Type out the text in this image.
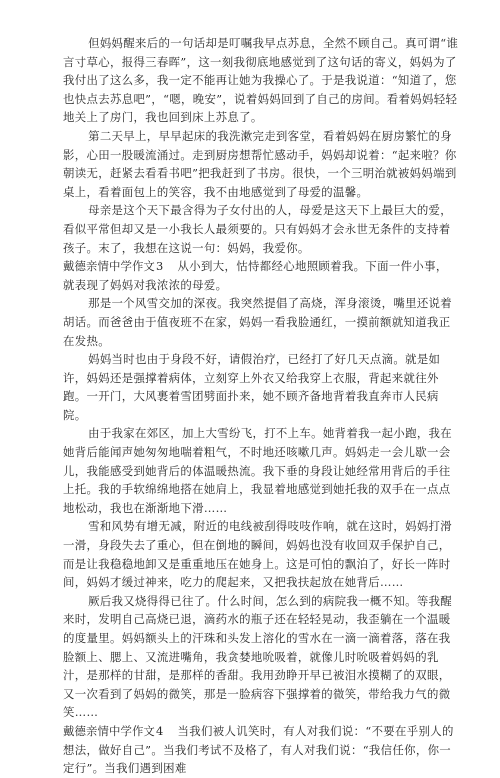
但妈妈醒来后的一句话却是叮嘱我早点苏息，全然不顾自己。真可谓“谁言寸草心，报得三春晖”，这一刻我彻底地感觉到了这句话的寄义，妈妈为了我付出了这么多，我一定不能再让她为我操心了。于是我说道：“知道了，您也快点去苏息吧”，“嗯，晚安”，说着妈妈回到了自己的房间。看着妈妈轻轻地关上了房门，我也回到床上苏息了。

第二天早上，早早起床的我洗漱完走到客堂，看着妈妈在厨房繁忙的身影，心田一股暖流涌过。走到厨房想帮忙感动手，妈妈却说着：“起来啦？你朝读无，赶紧去看看书吧”把我赶到了书房。很快，一个三明治就被妈妈端到桌上，看着面包上的笑容，我不由地感觉到了母爱的温馨。

母亲是这个天下最含得为子女付出的人，母爱是这天下上最巨大的爱，看似平常但却又是一小我长人最须要的。只有妈妈才会永世无条件的支持着孩子。末了，我想在这说一句：妈妈，我爱你。

戴德亲情中学作文3 从小到大，怙恃都经心地照顾着我。下面一件小事，就表现了妈妈对我浓浓的母爱。

那是一个风雪交加的深夜。我突然提倡了高烧，浑身滚烫，嘴里还说着胡话。而爸爸由于值夜班不在家，妈妈一看我脸通红，一摸前额就知道我正在发热。

妈妈当时也由于身段不好，请假治疗，已经打了好几天点滴。就是如许，妈妈还是强撑着病体，立刻穿上外衣又给我穿上衣服，背起来就往外跑。一开门，大风裹着雪团劈面扑来，她不顾齐备地背着我直奔市人民病院。

由于我家在郊区，加上大雪纷飞，打不上车。她背着我一起小跑，我在她背后能闻声她匆匆地喘着粗气，不时地还咳嗽几声。妈妈走一会儿歇一会儿，我能感受到她背后的体温暖热流。我下垂的身段让她经常用背后的手往上托。我的手软绵绵地搭在她肩上，我显着地感觉到她托我的双手在一点点地松动，我也在渐渐地下滑……

雪和风势有增无减，附近的电线被刮得吱吱作响，就在这时，妈妈打滑一滑，身段失去了重心，但在倒地的瞬间，妈妈也没有收回双手保护自己，而是让我稳稳地卸又是重重地压在她身上。这是可怕的飘泊了，好长一阵时间，妈妈才缓过神来，吃力的爬起来，又把我扶起放在她背后……

厥后我又烧得得已往了。什么时间，怎么到的病院我一概不知。等我醒来时，发明自己高烧已退，滴药水的瓶子还在轻轻晃动，我歪躺在一个温暖的度量里。妈妈额头上的汗珠和头发上溶化的雪水在一滴一滴着落，落在我脸额上、腮上、又流进嘴角，我贪婪地吮吸着，就像儿时吮吸着妈妈的乳汁，是那样的甘甜，是那样的香甜。我用劲睁开早已被泪水摸糊了的双眼，又一次看到了妈妈的微笑，那是一脸病容下强撑着的微笑，带给我力气的微笑……

戴德亲情中学作文4 当我们被人讥笑时，有人对我们说：“不要在乎别人的想法，做好自己”。当我们考试不及格了，有人对我们说：“我信任你，你一定行”。当我们遇到困难
